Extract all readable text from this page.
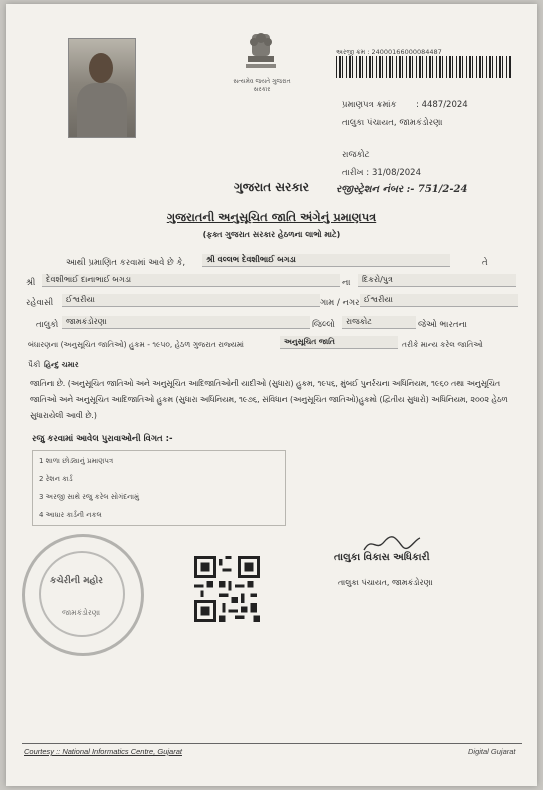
સત્યમેવ જયતે ગુજરાત સરકાર
અરજી ક્રમ : 24000166000084487
પ્રમાણપત્ર ક્રમાંક : 4487/2024
તાલુકા પંચાયત, જામકંડોરણા
રાજકોટ
તારીખ : 31/08/2024
રજીસ્ટ્રેશન નંબર :- 751/2-24
ગુજરાત સરકાર
ગુજરાતની અનુસૂચિત જાતિ અંગેનું પ્રમાણપત્ર
(ફક્ત ગુજરાત સરકાર હેઠળના લાભો માટે)
આથી પ્રમાણિત કરવામાં આવે છે કે,	શ્રી વલ્લભ દેવશીભાઈ બગડા	તે
શ્રી	દેવશીભાઈ દાનાભાઈ બગડા	ના	દિકરો/પુત્ર
રહેવાસી	ઈશ્વરીયા	ગામ / નગર ઈશ્વરીયા
તાલુકો જામકંડોરણા	જિલ્લો	રાજકોટ	જેઓ ભારતના
બંધારણના (અનુસૂચિત જાતિઓ) હુકમ - ૧૯૫૦, હેઠળ ગુજરાત રાજ્યમાં	અનુસૂચિત જાતિ	તરીકે માન્ય કરેલ જાતિઓ
પૈકી હિન્દુ ચમાર
જાતિના છે. (અનુસૂચિત જાતિઓ અને અનુસૂચિત આદિજાતિઓની યાદીઓ (સુધારા) હુકમ, ૧૯૫૬, મુંબઈ પુનર્રચના અધિનિયમ, ૧૯૬૦ તથા અનુસૂચિત જાતિઓ અને અનુસૂચિત આદિજાતિઓ હુકમ (સુધારા અધિનિયમ, ૧૯૭૬, સંવિધાન (અનુસૂચિત જાતિઓ)હુકમો (દ્વિતીય સુધારો) અધિનિયમ, ૨૦૦૨ હેઠળ સુધારાયેલી આવી છે.)
રજુ કરવામાં આવેલ પુરાવાઓની વિગત :-
1 શાળા છોડ્યાનું પ્રમાણપત્ર
2 રેશન કાર્ડ
3 અરજી સાથે રજુ કરેલ સોગંદનામું
4 આધાર કાર્ડની નકલ
કચેરીની મહોર
જામકંડોરણા
તાલુકા વિકાસ અધિકારી
તાલુકા પંચાયત, જામકંડોરણા
Courtesy :: National Informatics Centre, Gujarat	Digital Gujarat
